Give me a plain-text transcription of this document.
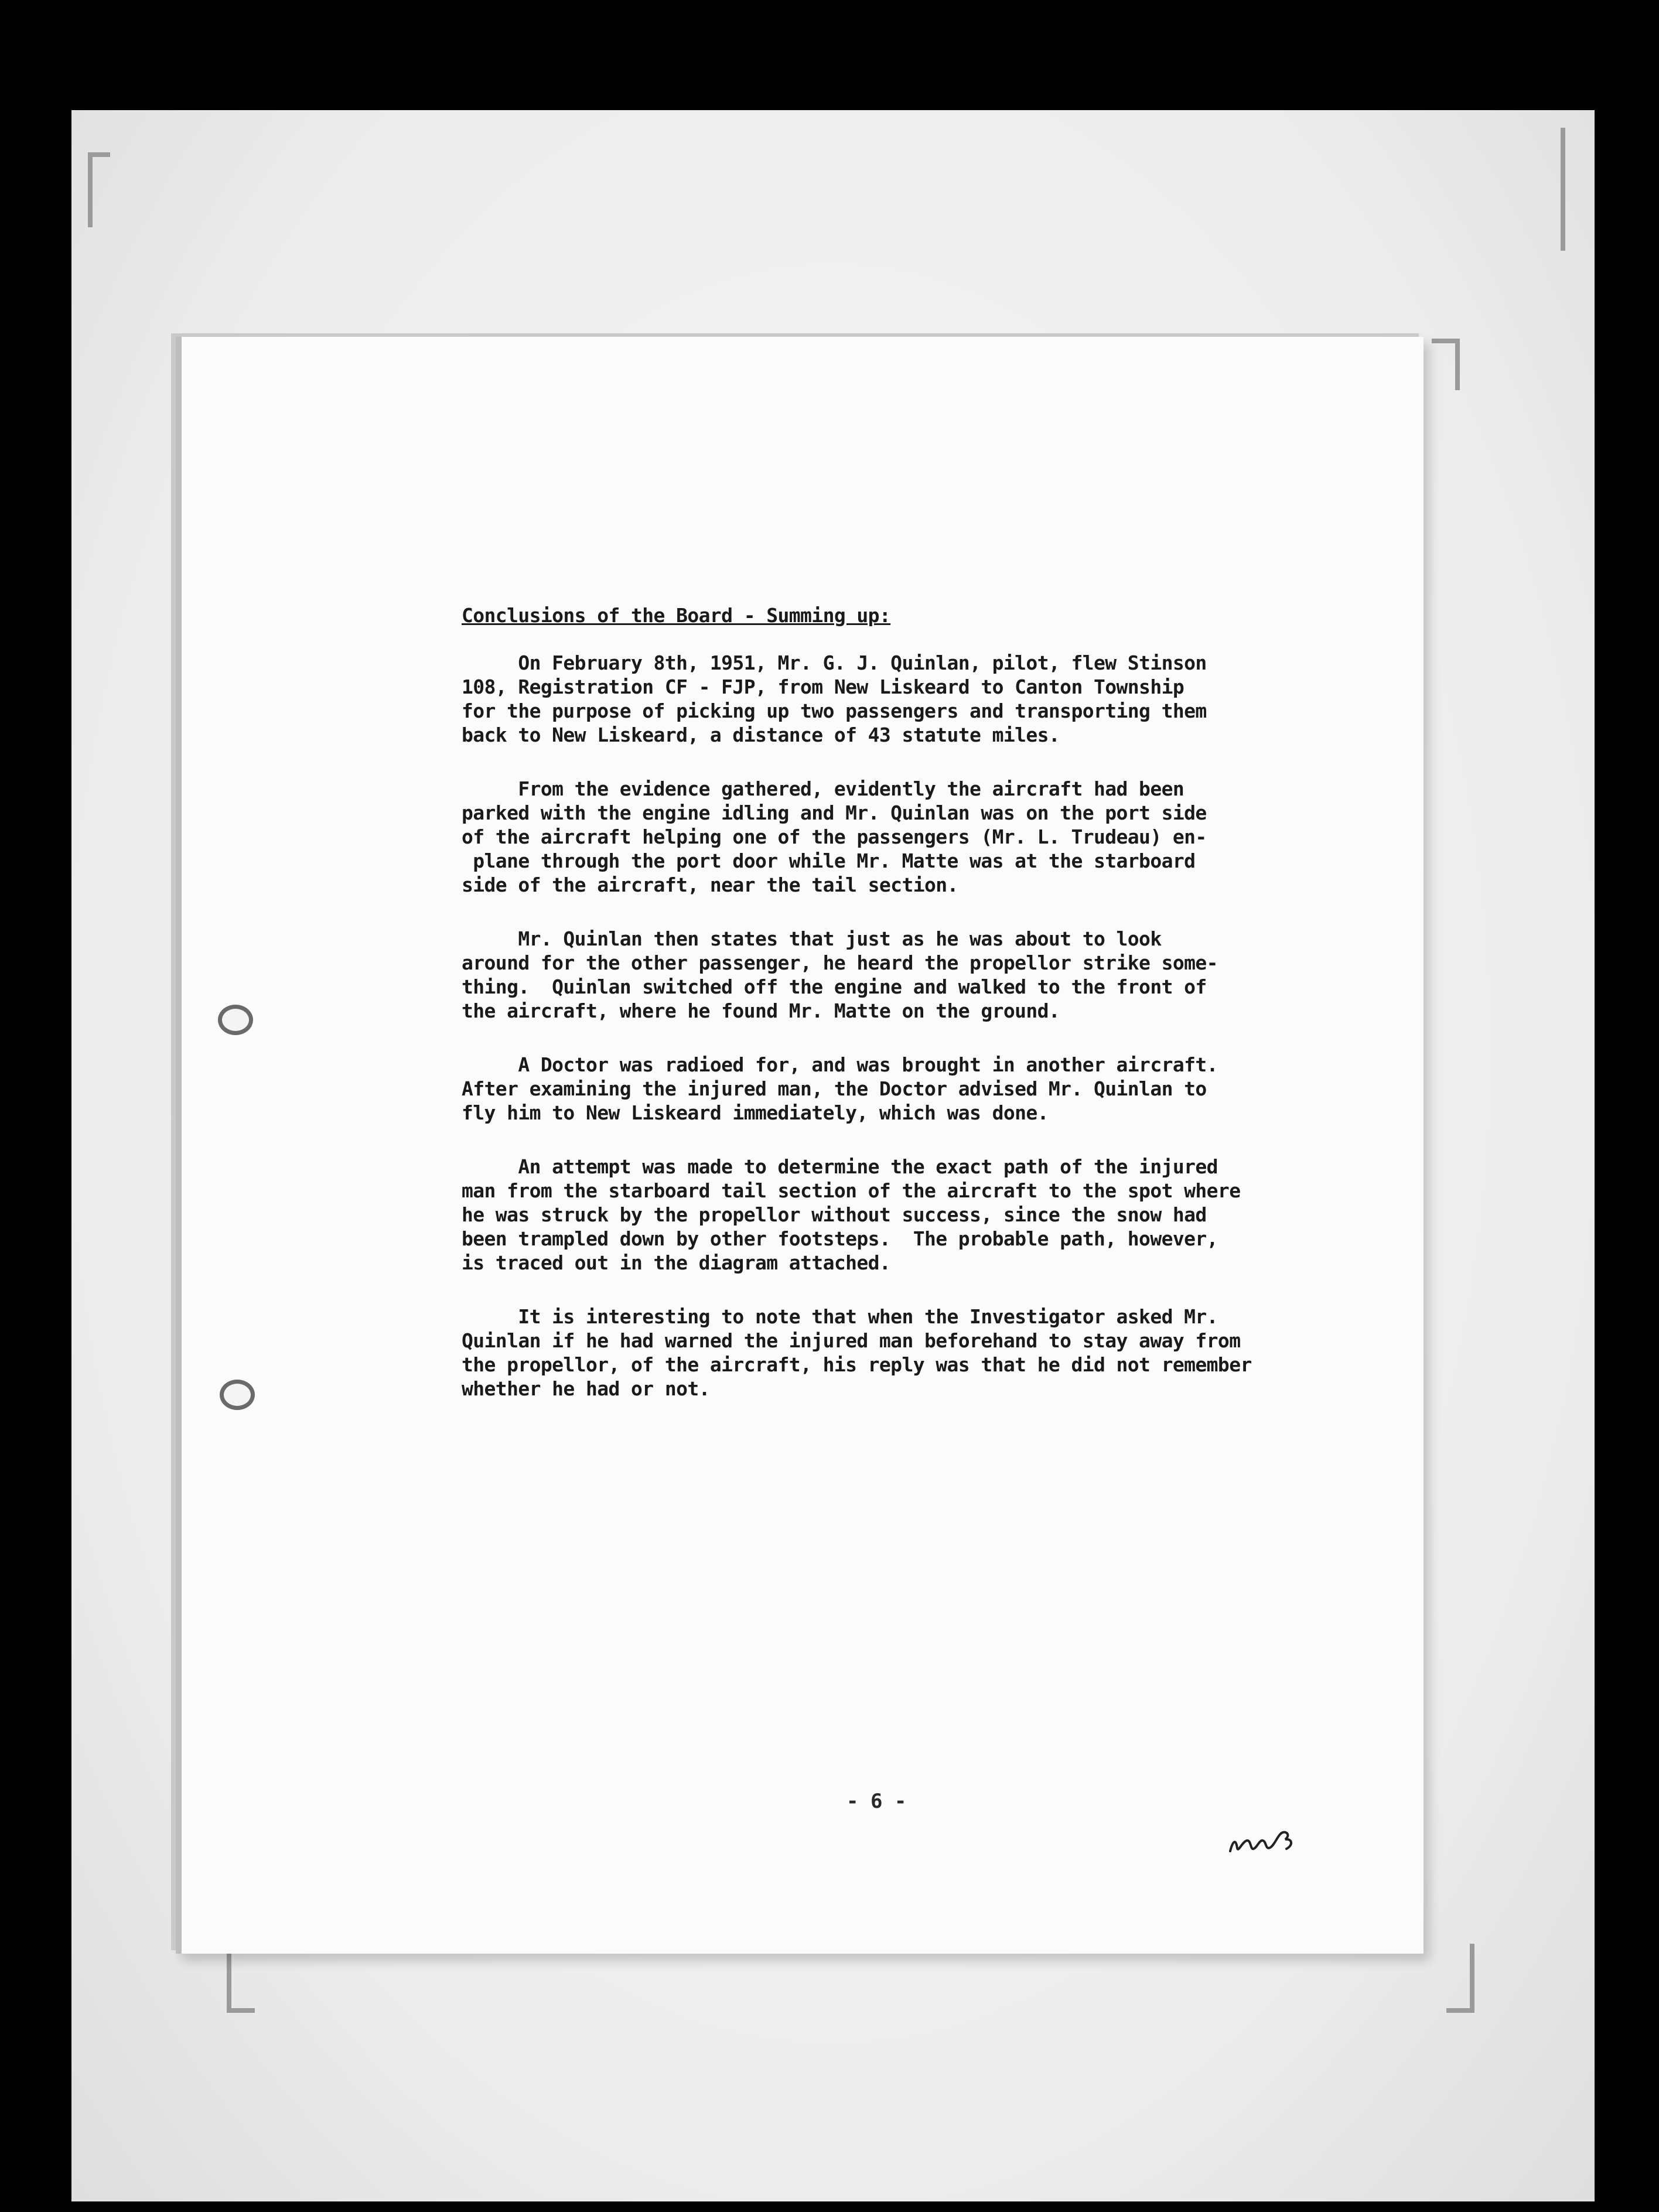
Conclusions of the Board - Summing up:
On February 8th, 1951, Mr. G. J. Quinlan, pilot, flew Stinson
108, Registration CF - FJP, from New Liskeard to Canton Township
for the purpose of picking up two passengers and transporting them
back to New Liskeard, a distance of 43 statute miles.
From the evidence gathered, evidently the aircraft had been
parked with the engine idling and Mr. Quinlan was on the port side
of the aircraft helping one of the passengers (Mr. L. Trudeau) en-
plane through the port door while Mr. Matte was at the starboard
side of the aircraft, near the tail section.
Mr. Quinlan then states that just as he was about to look
around for the other passenger, he heard the propellor strike some-
thing.  Quinlan switched off the engine and walked to the front of
the aircraft, where he found Mr. Matte on the ground.
A Doctor was radioed for, and was brought in another aircraft.
After examining the injured man, the Doctor advised Mr. Quinlan to
fly him to New Liskeard immediately, which was done.
An attempt was made to determine the exact path of the injured
man from the starboard tail section of the aircraft to the spot where
he was struck by the propellor without success, since the snow had
been trampled down by other footsteps.  The probable path, however,
is traced out in the diagram attached.
It is interesting to note that when the Investigator asked Mr.
Quinlan if he had warned the injured man beforehand to stay away from
the propellor, of the aircraft, his reply was that he did not remember
whether he had or not.
- 6 -
